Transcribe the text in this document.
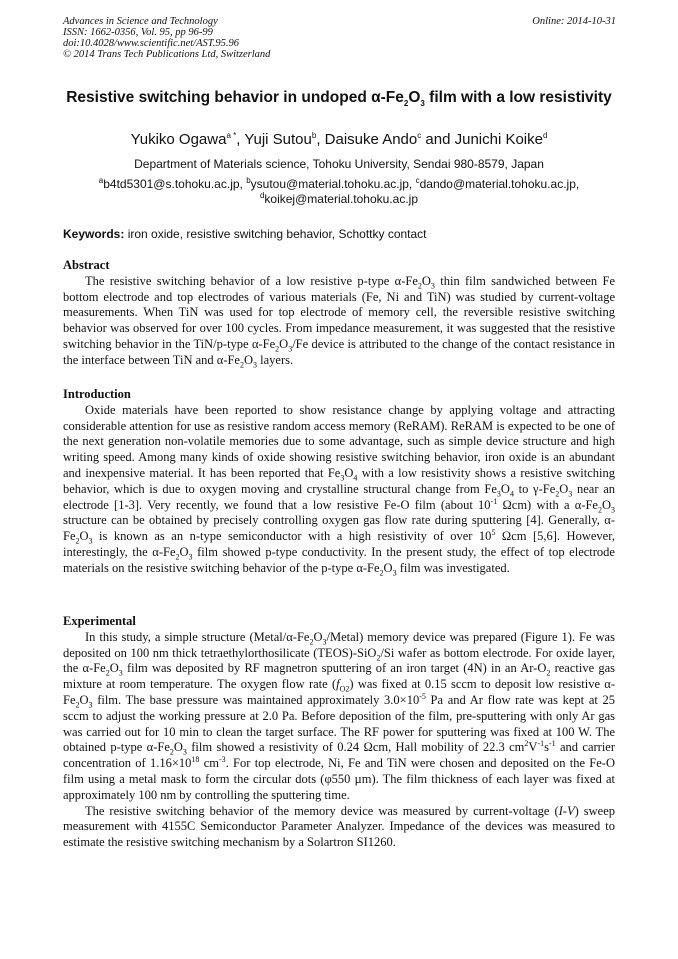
Advances in Science and Technology
ISSN: 1662-0356, Vol. 95, pp 96-99
doi:10.4028/www.scientific.net/AST.95.96
© 2014 Trans Tech Publications Ltd, Switzerland
Online: 2014-10-31
Resistive switching behavior in undoped $\alpha-Fe_2O_3$ film with a low resistivity
Yukiko Ogawa$^{a *}$, Yuji Sutou$^b$, Daisuke Ando$^c$ and Junichi Koike$^d$
Department of Materials science, Tohoku University, Sendai 980-8579, Japan
$^a$b4td5301@s.tohoku.ac.jp, $^b$ysutou@material.tohoku.ac.jp, $^c$dando@material.tohoku.ac.jp,
$^d$koikej@material.tohoku.ac.jp
Keywords: iron oxide, resistive switching behavior, Schottky contact
Abstract

The resistive switching behavior of a low resistive p-type $\alpha-Fe_2O_3$ thin film sandwiched between Fe bottom electrode and top electrodes of various materials (Fe, Ni and TiN) was studied by current-voltage measurements. When TiN was used for top electrode of memory cell, the reversible resistive switching behavior was observed for over 100 cycles. From impedance measurement, it was suggested that the resistive switching behavior in the TiN/p-type $\alpha-Fe_2O_3/Fe$ device is attributed to the change of the contact resistance in the interface between TiN and $\alpha-Fe_2O_3$ layers.

Introduction

Oxide materials have been reported to show resistance change by applying voltage and attracting considerable attention for use as resistive random access memory (ReRAM). ReRAM is expected to be one of the next generation non-volatile memories due to some advantage, such as simple device structure and high writing speed. Among many kinds of oxide showing resistive switching behavior, iron oxide is an abundant and inexpensive material. It has been reported that $Fe_3O_4$ with a low resistivity shows a resistive switching behavior, which is due to oxygen moving and crystalline structural change from $Fe_3O_4$ to $\gamma-Fe_2O_3$ near an electrode [1-3]. Very recently, we found that a low resistive Fe-O film (about $10^{-1}$ Ωcm) with a $\alpha-Fe_2O_3$ structure can be obtained by precisely controlling oxygen gas flow rate during sputtering [4]. Generally, $\alpha-Fe_2O_3$ is known as an n-type semiconductor with a high resistivity of over $10^5$ Ωcm [5,6]. However, interestingly, the $\alpha-Fe_2O_3$ film showed p-type conductivity. In the present study, the effect of top electrode materials on the resistive switching behavior of the p-type $\alpha-Fe_2O_3$ film was investigated.

Experimental

In this study, a simple structure $(Metal/\alpha-Fe_2O_3/Metal)$ memory device was prepared (Figure 1). Fe was deposited on 100 nm thick tetraethylorthosilicate (TEOS)-SiO$_2$/Si wafer as bottom electrode. For oxide layer, the $\alpha-Fe_2O_3$ film was deposited by RF magnetron sputtering of an iron target (4N) in an $Ar-O_2$ reactive gas mixture at room temperature. The oxygen flow rate $(f_{O2})$ was fixed at 0.15 sccm to deposit low resistive $\alpha-Fe_2O_3$ film. The base pressure was maintained approximately $3.0\times 10^{-5}$ Pa and Ar flow rate was kept at 25 sccm to adjust the working pressure at 2.0 Pa. Before deposition of the film, pre-sputtering with only Ar gas was carried out for 10 min to clean the target surface. The RF power for sputtering was fixed at 100 W. The obtained p-type $\alpha-Fe_2O_3$ film showed a resistivity of 0.24 Ωcm, Hall mobility of 22.3 $cm^2V^{-1}s^{-1}$ and carrier concentration of $1.16\times 10^{18}$ $cm^{-3}$. For top electrode, Ni, Fe and TiN were chosen and deposited on the Fe-O film using a metal mask to form the circular dots (φ550 µm). The film thickness of each layer was fixed at approximately 100 nm by controlling the sputtering time.

The resistive switching behavior of the memory device was measured by current-voltage (I-V) sweep measurement with 4155C Semiconductor Parameter Analyzer. Impedance of the devices was measured to estimate the resistive switching mechanism by a Solartron SI1260.
